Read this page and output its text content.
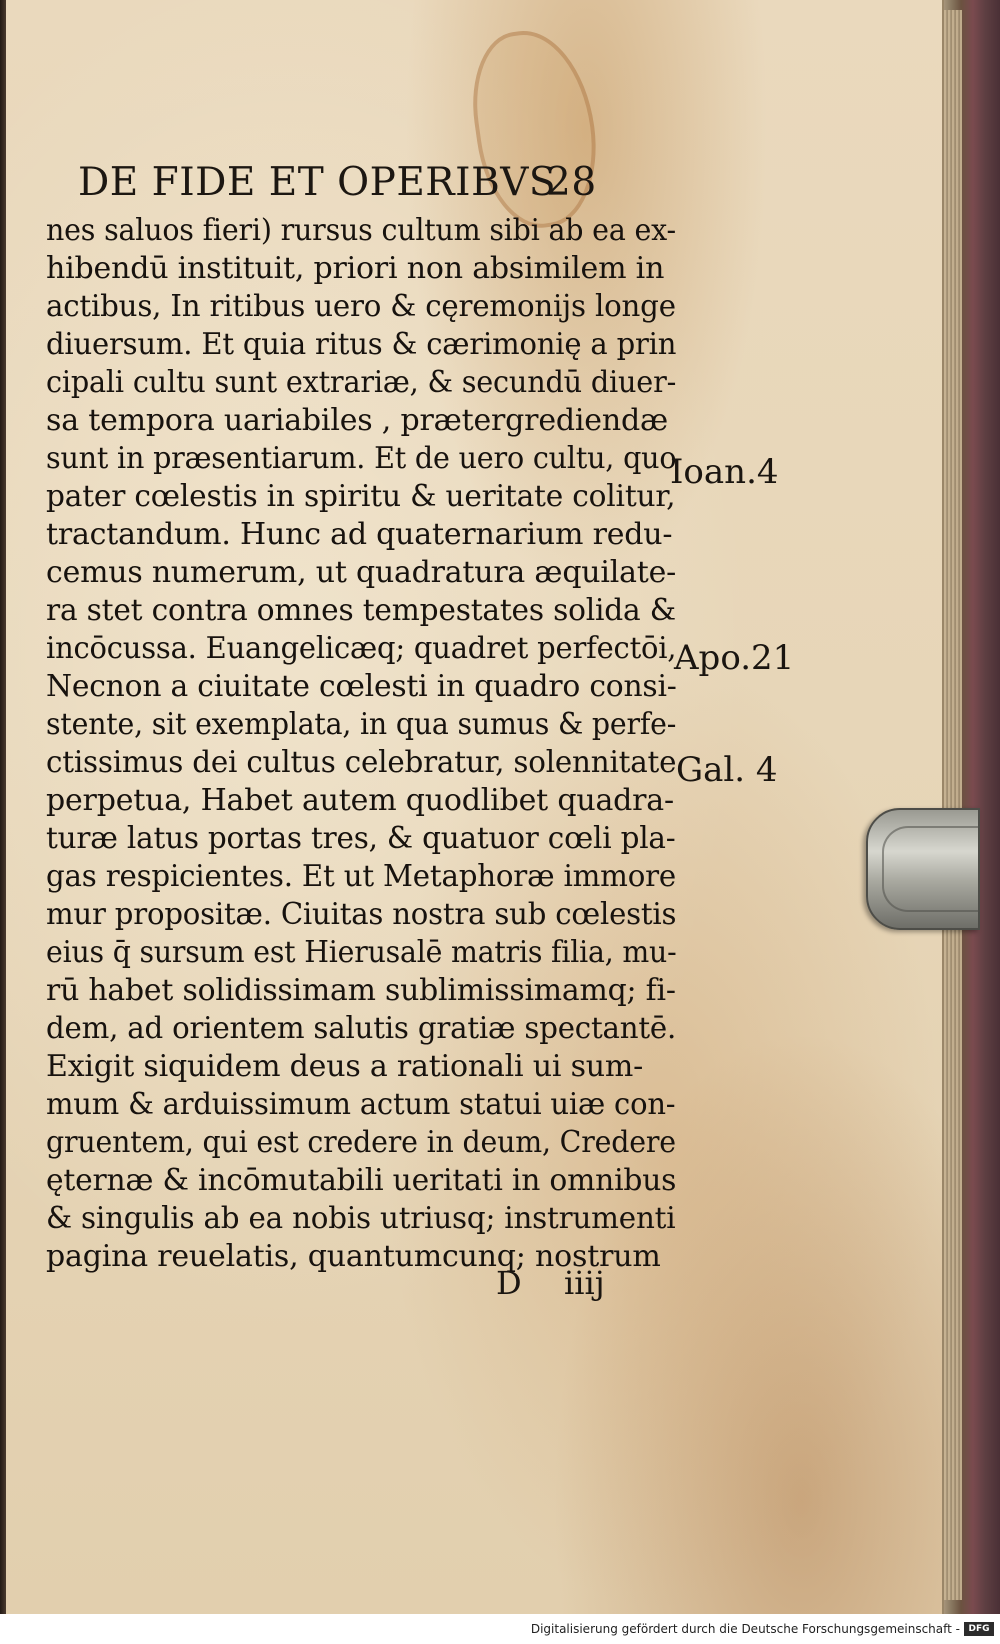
DE FIDE ET OPERIBVS
28
nes saluos fieri) rursus cultum sibi ab ea ex-
hibendū instituit, priori non absimilem in
actibus, In ritibus uero & cęremonijs longe
diuersum. Et quia ritus & cærimonię a prin
cipali cultu sunt extrariæ, & secundū diuer-
sa tempora uariabiles , prætergrediendæ
sunt in præsentiarum. Et de uero cultu, quo
pater cœlestis in spiritu & ueritate colitur,
tractandum. Hunc ad quaternarium redu-
cemus numerum, ut quadratura æquilate-
ra stet contra omnes tempestates solida &
incōcussa. Euangelicæq; quadret perfectōi,
Necnon a ciuitate cœlesti in quadro consi-
stente, sit exemplata, in qua sumus & perfe-
ctissimus dei cultus celebratur, solennitate
perpetua, Habet autem quodlibet quadra-
turæ latus portas tres, & quatuor cœli pla-
gas respicientes. Et ut Metaphoræ immore
mur propositæ. Ciuitas nostra sub cœlestis
eius q̄ sursum est Hierusalē matris filia, mu-
rū habet solidissimam sublimissimamq; fi-
dem, ad orientem salutis gratiæ spectantē.
Exigit siquidem deus a rationali ui sum-
mum & arduissimum actum statui uiæ con-
gruentem, qui est credere in deum, Credere
ęternæ & incōmutabili ueritati in omnibus
& singulis ab ea nobis utriusq; instrumenti
pagina reuelatis, quantumcunq; nostrum
Ioan.4
Apo.21
Gal. 4
D iiij
Digitalisierung gefördert durch die Deutsche Forschungsgemeinschaft - DFG
